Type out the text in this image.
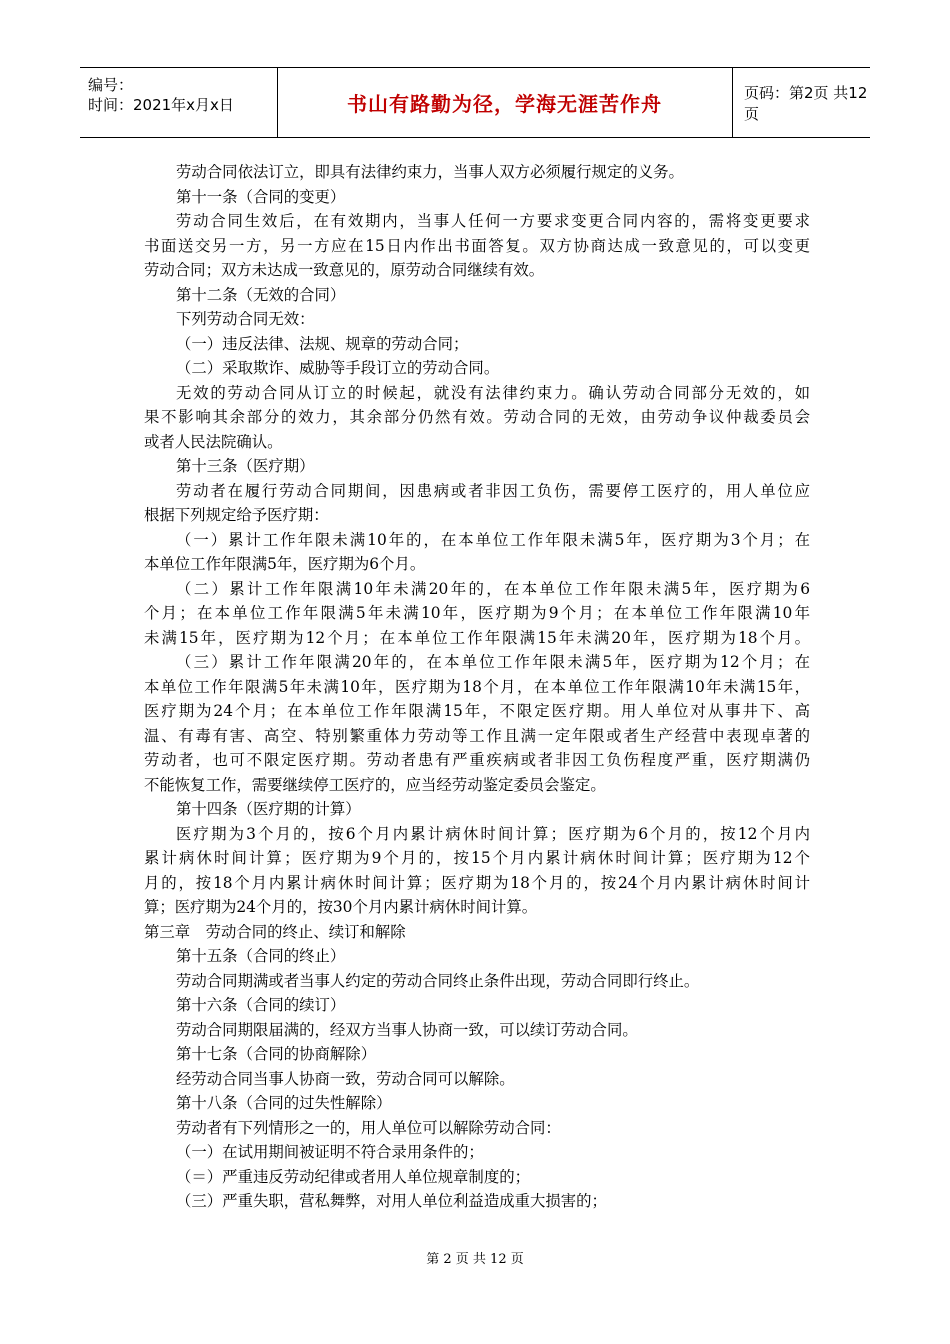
编号：
时间：2021年x月x日	书山有路勤为径，学海无涯苦作舟	页码：第2页 共12页

劳动合同依法订立，即具有法律约束力，当事人双方必须履行规定的义务。

第十一条（合同的变更）

劳动合同生效后，在有效期内，当事人任何一方要求变更合同内容的，需将变更要求

书面送交另一方，另一方应在15日内作出书面答复。双方协商达成一致意见的，可以变更

劳动合同；双方未达成一致意见的，原劳动合同继续有效。

第十二条（无效的合同）

下列劳动合同无效：

（一）违反法律、法规、规章的劳动合同；

（二）采取欺诈、威胁等手段订立的劳动合同。

无效的劳动合同从订立的时候起，就没有法律约束力。确认劳动合同部分无效的，如

果不影响其余部分的效力，其余部分仍然有效。劳动合同的无效，由劳动争议仲裁委员会

或者人民法院确认。

第十三条（医疗期）

劳动者在履行劳动合同期间，因患病或者非因工负伤，需要停工医疗的，用人单位应

根据下列规定给予医疗期：

（一）累计工作年限未满10年的，在本单位工作年限未满5年，医疗期为3个月；在

本单位工作年限满5年，医疗期为6个月。

（二）累计工作年限满10年未满20年的，在本单位工作年限未满5年，医疗期为6

个月；在本单位工作年限满5年未满10年，医疗期为9个月；在本单位工作年限满10年

未满15年，医疗期为12个月；在本单位工作年限满15年未满20年，医疗期为18个月。

（三）累计工作年限满20年的，在本单位工作年限未满5年，医疗期为12个月；在

本单位工作年限满5年未满10年，医疗期为18个月，在本单位工作年限满10年未满15年，

医疗期为24个月；在本单位工作年限满15年，不限定医疗期。用人单位对从事井下、高

温、有毒有害、高空、特别繁重体力劳动等工作且满一定年限或者生产经营中表现卓著的

劳动者，也可不限定医疗期。劳动者患有严重疾病或者非因工负伤程度严重，医疗期满仍

不能恢复工作，需要继续停工医疗的，应当经劳动鉴定委员会鉴定。

第十四条（医疗期的计算）

医疗期为3个月的，按6个月内累计病休时间计算；医疗期为6个月的，按12个月内

累计病休时间计算；医疗期为9个月的，按15个月内累计病休时间计算；医疗期为12个

月的，按18个月内累计病休时间计算；医疗期为18个月的，按24个月内累计病休时间计

算；医疗期为24个月的，按30个月内累计病休时间计算。

第三章　劳动合同的终止、续订和解除

第十五条（合同的终止）

劳动合同期满或者当事人约定的劳动合同终止条件出现，劳动合同即行终止。

第十六条（合同的续订）

劳动合同期限届满的，经双方当事人协商一致，可以续订劳动合同。

第十七条（合同的协商解除）

经劳动合同当事人协商一致，劳动合同可以解除。

第十八条（合同的过失性解除）

劳动者有下列情形之一的，用人单位可以解除劳动合同：

（一）在试用期间被证明不符合录用条件的；

（＝）严重违反劳动纪律或者用人单位规章制度的；

（三）严重失职，营私舞弊，对用人单位利益造成重大损害的；

第 2 页 共 12 页
